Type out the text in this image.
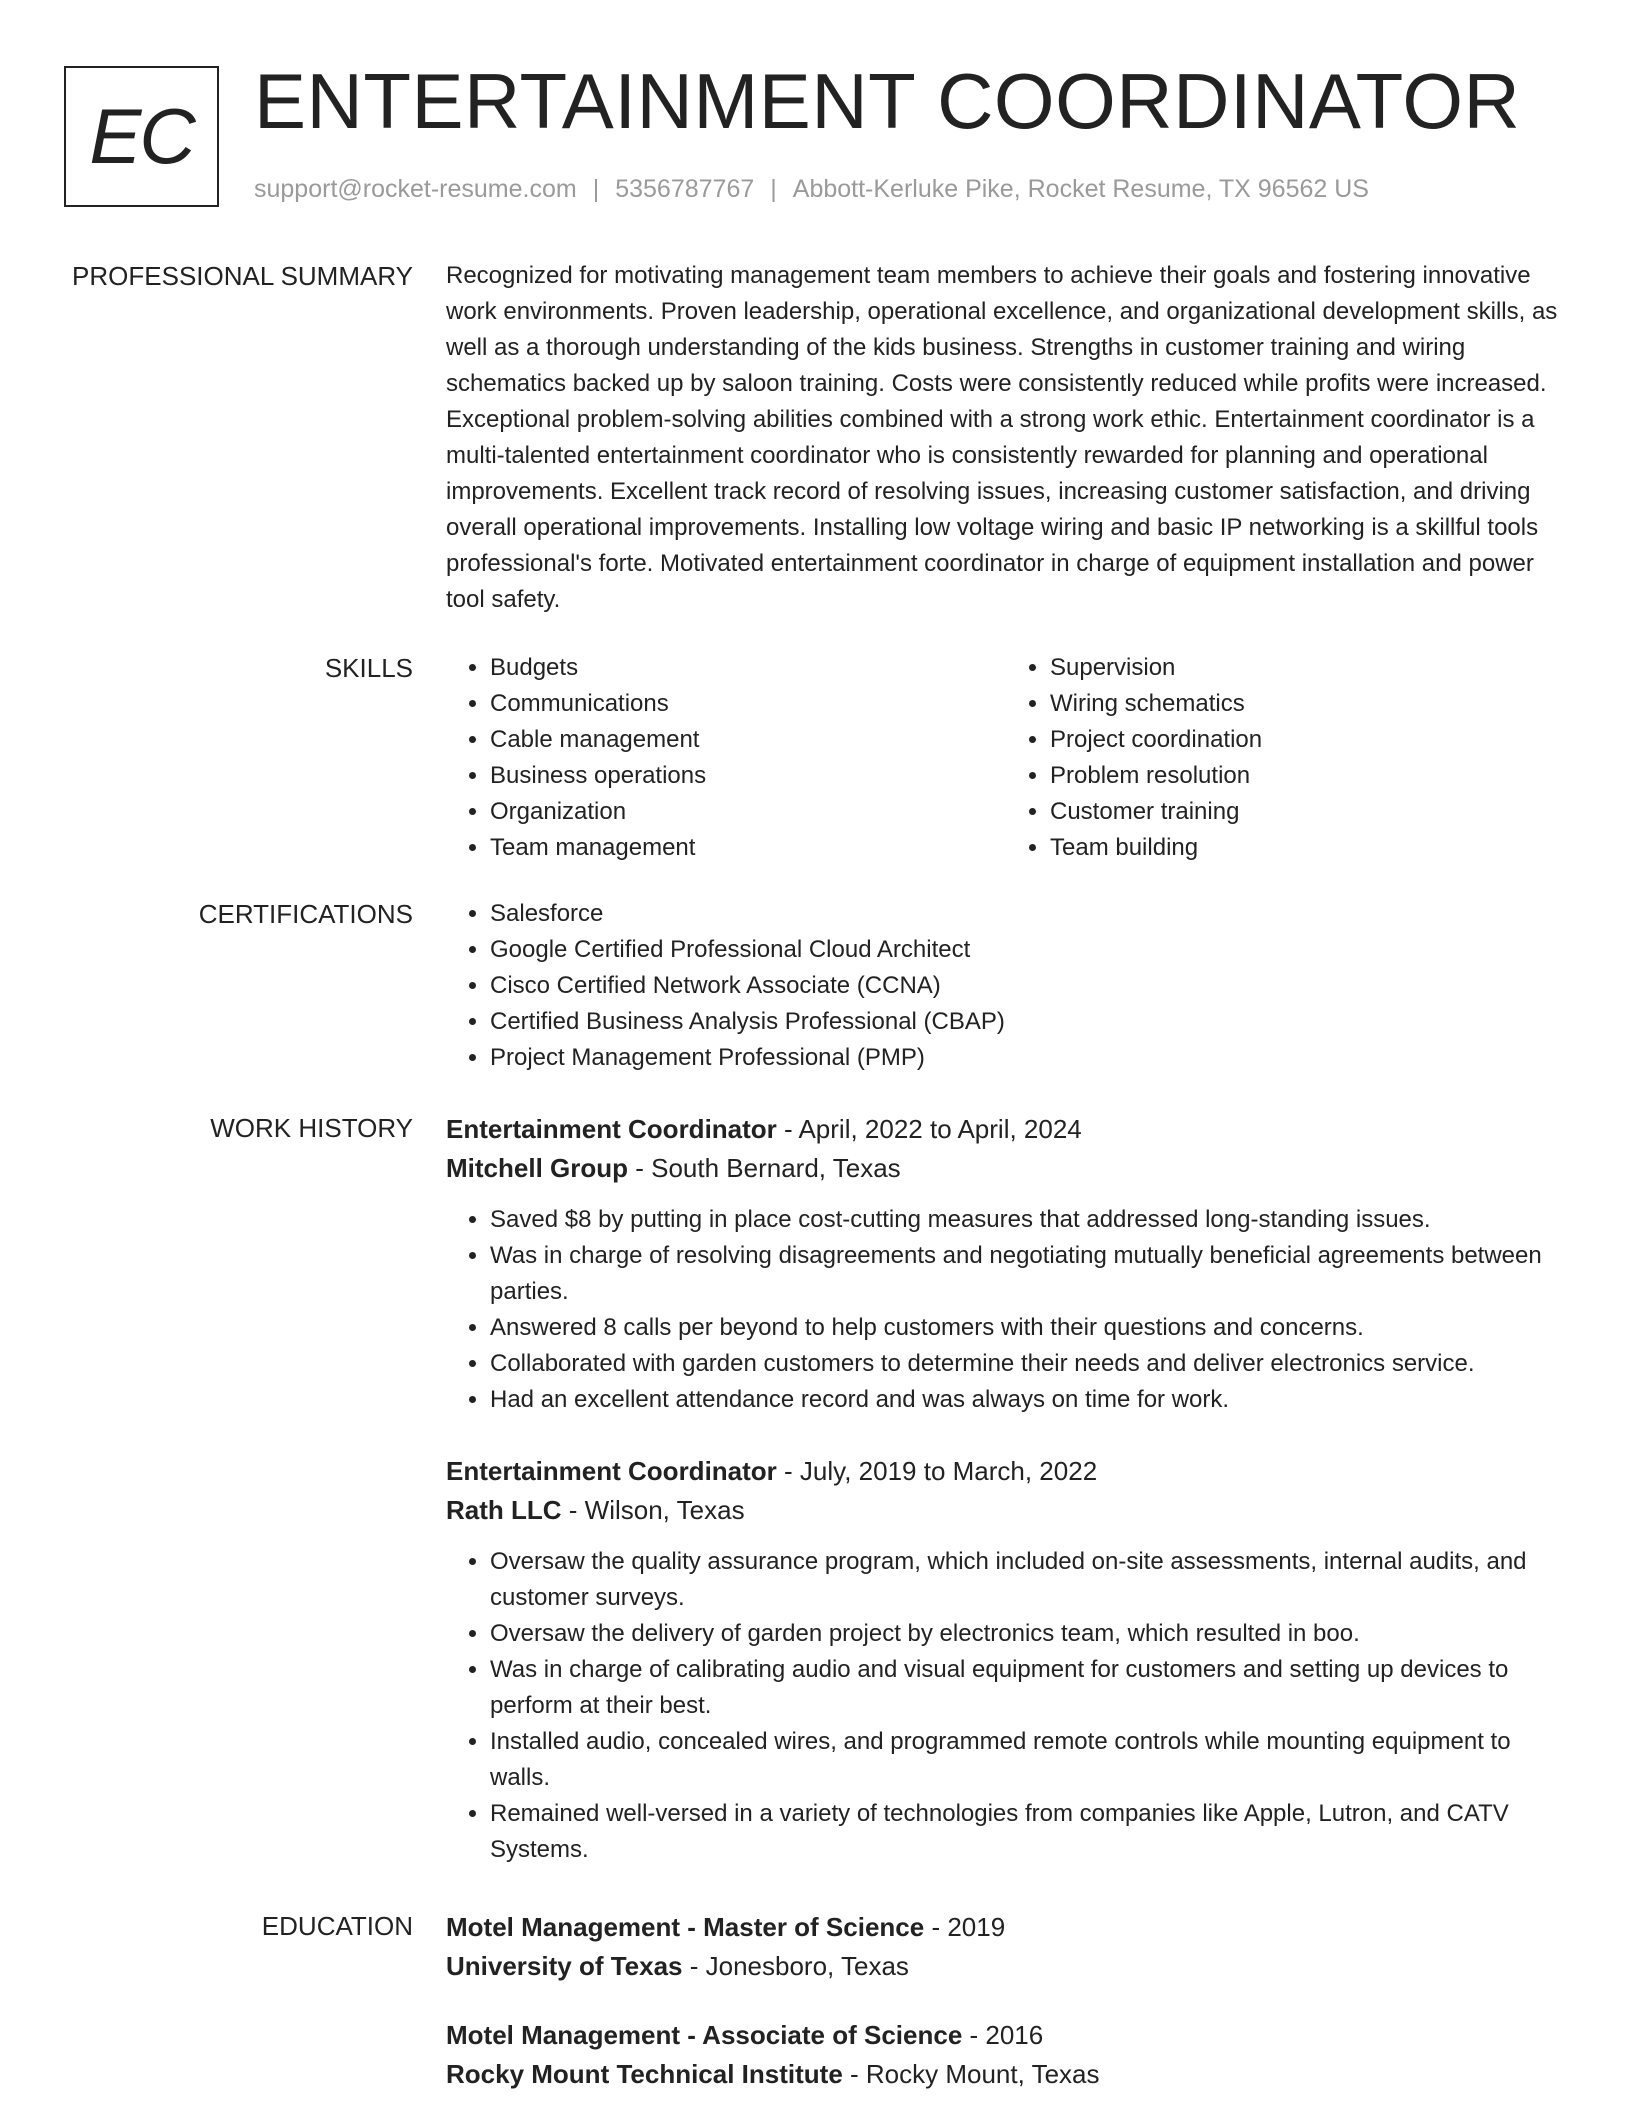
EC ENTERTAINMENT COORDINATOR
support@rocket-resume.com | 5356787767 | Abbott-Kerluke Pike, Rocket Resume, TX 96562 US
PROFESSIONAL SUMMARY Recognized for motivating management team members to achieve their goals and fostering innovative work environments. Proven leadership, operational excellence, and organizational development skills, as well as a thorough understanding of the kids business. Strengths in customer training and wiring schematics backed up by saloon training. Costs were consistently reduced while profits were increased. Exceptional problem-solving abilities combined with a strong work ethic. Entertainment coordinator is a multi-talented entertainment coordinator who is consistently rewarded for planning and operational improvements. Excellent track record of resolving issues, increasing customer satisfaction, and driving overall operational improvements. Installing low voltage wiring and basic IP networking is a skillful tools professional's forte. Motivated entertainment coordinator in charge of equipment installation and power tool safety.

SKILLS	• Budgets
• Communications
• Cable management
• Business operations
• Organization
• Team management
• Supervision
• Wiring schematics
• Project coordination
• Problem resolution
• Customer training
• Team building
CERTIFICATIONS	• Salesforce
• Google Certified Professional Cloud Architect
• Cisco Certified Network Associate (CCNA)
• Certified Business Analysis Professional (CBAP)
• Project Management Professional (PMP)
WORK HISTORY Entertainment Coordinator - April, 2022 to April, 2024
Mitchell Group - South Bernard, Texas
• Saved $8 by putting in place cost-cutting measures that addressed long-standing issues.
• Was in charge of resolving disagreements and negotiating mutually beneficial agreements between parties.
• Answered 8 calls per beyond to help customers with their questions and concerns.
• Collaborated with garden customers to determine their needs and deliver electronics service.
• Had an excellent attendance record and was always on time for work.
Entertainment Coordinator - July, 2019 to March, 2022
Rath LLC - Wilson, Texas
• Oversaw the quality assurance program, which included on-site assessments, internal audits, and customer surveys.
• Oversaw the delivery of garden project by electronics team, which resulted in boo.
• Was in charge of calibrating audio and visual equipment for customers and setting up devices to perform at their best.
• Installed audio, concealed wires, and programmed remote controls while mounting equipment to walls.
• Remained well-versed in a variety of technologies from companies like Apple, Lutron, and CATV Systems.
EDUCATION Motel Management - Master of Science - 2019
University of Texas - Jonesboro, Texas
Motel Management - Associate of Science - 2016
Rocky Mount Technical Institute - Rocky Mount, Texas
